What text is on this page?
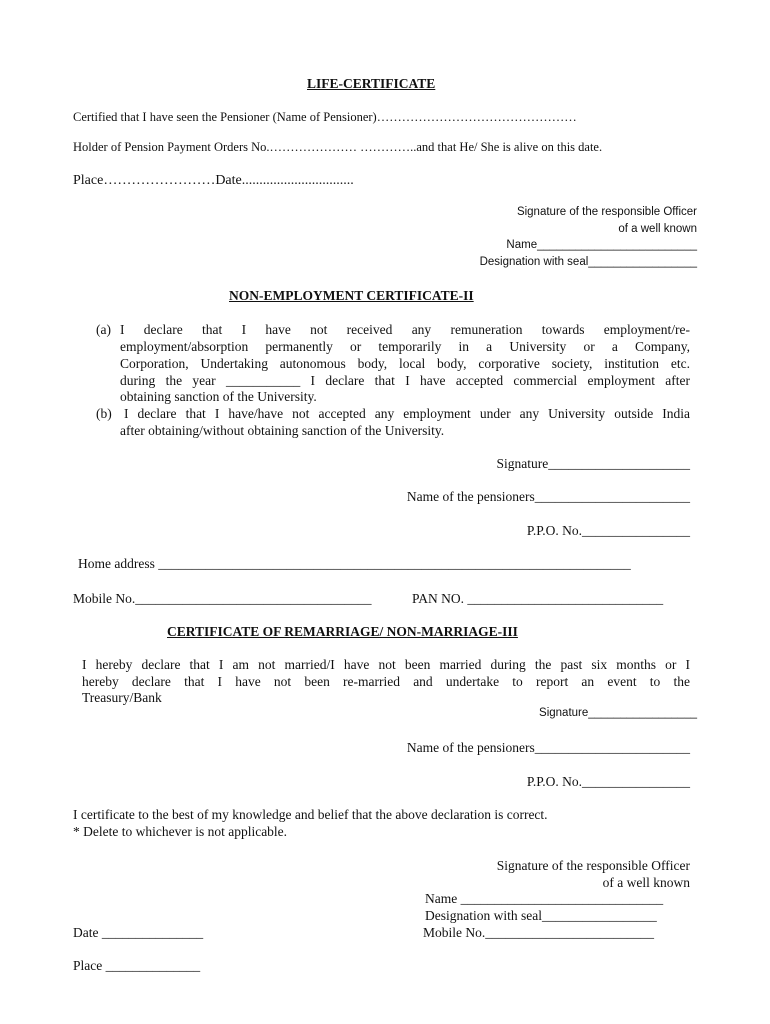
LIFE-CERTIFICATE
Certified that I have seen the Pensioner (Name of Pensioner)…………………………………………
Holder of Pension Payment Orders No.………………… …………..and that He/ She is alive on this date.
Place……………………Date................................
Signature of the responsible Officer
of a well known
Name_________________________
Designation with seal_________________
NON-EMPLOYMENT CERTIFICATE-II
(a) I declare that I have not received any remuneration towards employment/re-
employment/absorption permanently or temporarily in a University or a Company,
Corporation, Undertaking autonomous body, local body, corporative society, institution etc.
during the year ___________ I declare that I have accepted commercial employment after
obtaining sanction of the University.
(b) I declare that I have/have not accepted any employment under any University outside India
after obtaining/without obtaining sanction of the University.
Signature_____________________
Name of the pensioners_______________________
P.P.O. No.________________
Home address ______________________________________________________________________
Mobile No.___________________________________	PAN NO. _____________________________
CERTIFICATE OF REMARRIAGE/ NON-MARRIAGE-III
I hereby declare that I am not married/I have not been married during the past six months or I
hereby declare that I have not been re-married and undertake to report an event to the
Treasury/Bank
Signature_________________
Name of the pensioners_______________________
P.P.O. No.________________
I certificate to the best of my knowledge and belief that the above declaration is correct.
* Delete to whichever is not applicable.
Signature of the responsible Officer
of a well known
Name ______________________________
Designation with seal_________________
Mobile No._________________________
Date _______________
Place ______________
